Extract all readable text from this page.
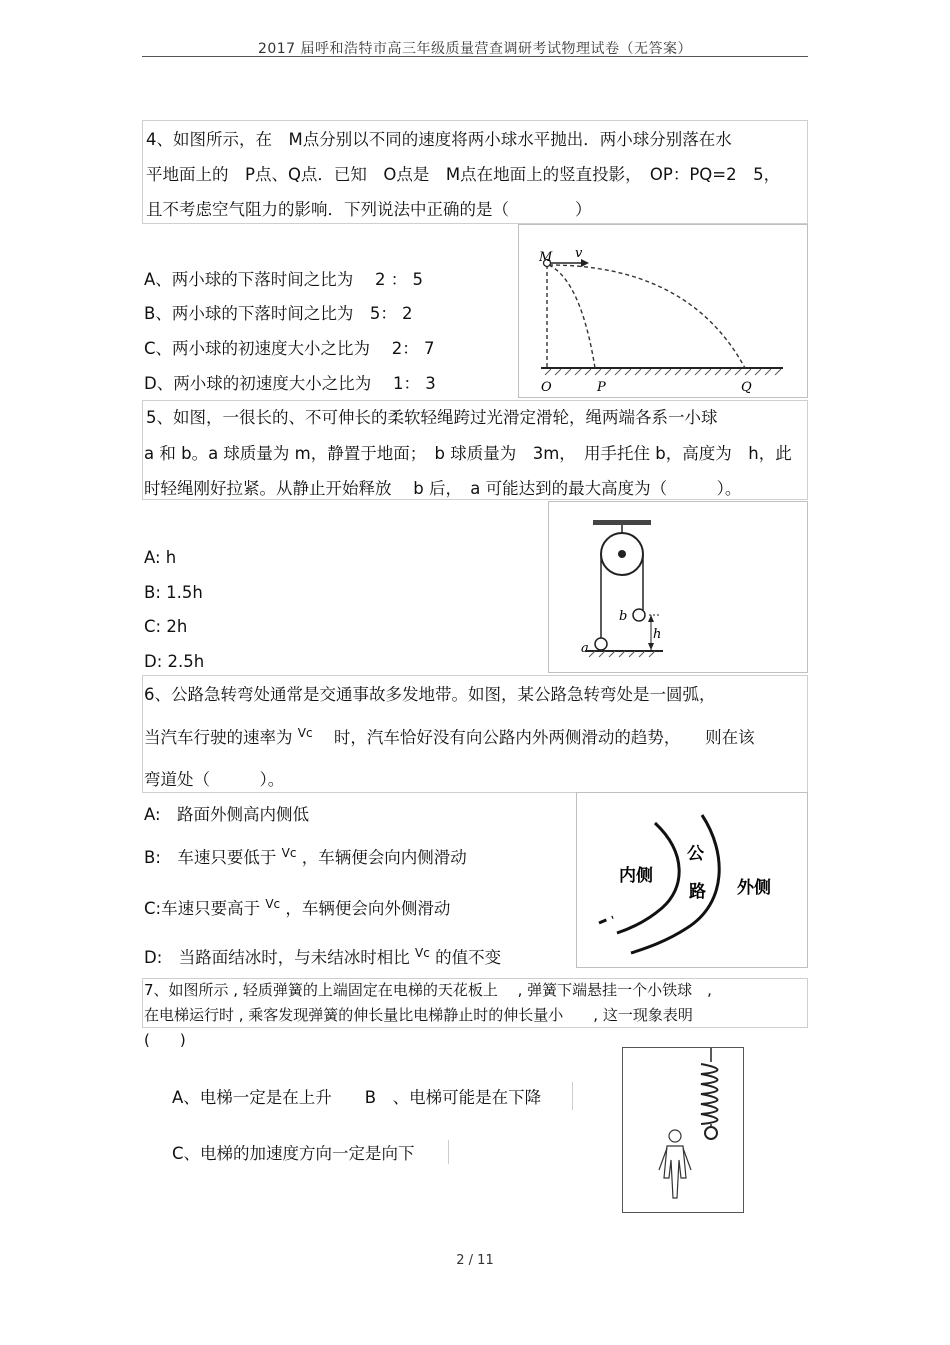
2017 届呼和浩特市高三年级质量营查调研考试物理试卷（无答案）
4、如图所示，在　M点分别以不同的速度将两小球水平抛出．两小球分别落在水
平地面上的　P点、Q点．已知　O点是　M点在地面上的竖直投影，　OP：PQ=2　5，
且不考虑空气阻力的影响．下列说法中正确的是（　　　　）
A、两小球的下落时间之比为　 2 ： 5
B、两小球的下落时间之比为　5： 2
C、两小球的初速度大小之比为　 2： 7
D、两小球的初速度大小之比为　 1： 3
M v
O	P	Q
5、如图，一很长的、不可伸长的柔软轻绳跨过光滑定滑轮，绳两端各系一小球
a 和 b。a 球质量为 m，静置于地面；　b 球质量为　3m，　用手托住 b，高度为　h，此
时轻绳刚好拉紧。从静止开始释放　 b 后，　a 可能达到的最大高度为（　　　）。
A: h
B: 1.5h
C: 2h
D: 2.5h
b
h
a
6、公路急转弯处通常是交通事故多发地带。如图，某公路急转弯处是一圆弧，
当汽车行驶的速率为 $^{Vc}$ 时，汽车恰好没有向公路内外两侧滑动的趋势，　　则在该
弯道处（　　　）。
A:　路面外侧高内侧低
B:　车速只要低于 $^{Vc}$ ，车辆便会向内侧滑动
C:车速只要高于 $^{Vc}$ ，车辆便会向外侧滑动
D:　当路面结冰时，与未结冰时相比 $^{Vc}$ 的值不变
内侧
公
路 外侧
7、如图所示 , 轻质弹簧的上端固定在电梯的天花板上　 , 弹簧下端悬挂一个小铁球　,
在电梯运行时 , 乘客发现弹簧的伸长量比电梯静止时的伸长量小　　, 这一现象表明
(　　)
A、电梯一定是在上升　　B　、电梯可能是在下降
C、电梯的加速度方向一定是向下
2 / 11
